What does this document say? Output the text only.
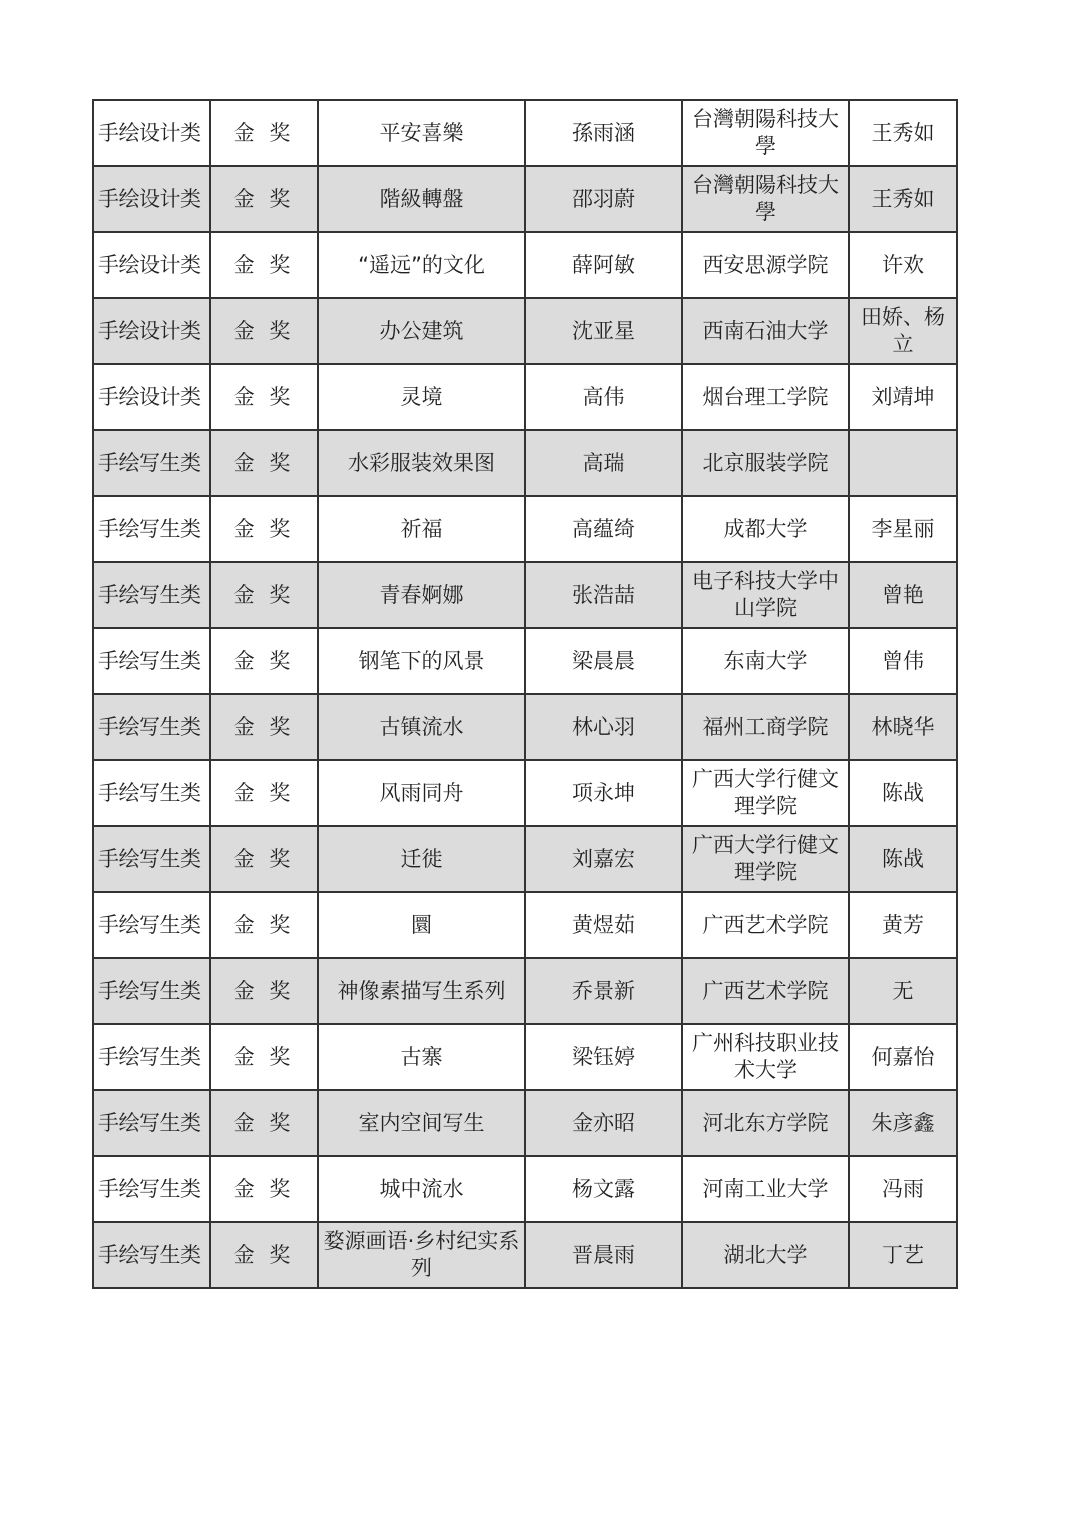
手绘设计类	金 奖	平安喜樂	孫雨涵	台灣朝陽科技大學	王秀如
手绘设计类	金 奖	階級轉盤	邵羽蔚	台灣朝陽科技大學	王秀如
手绘设计类	金 奖	“遥远”的文化	薛阿敏	西安思源学院	许欢
手绘设计类	金 奖	办公建筑	沈亚星	西南石油大学	田娇、杨立
手绘设计类	金 奖	灵境	高伟	烟台理工学院	刘靖坤
手绘写生类	金 奖	水彩服装效果图	高瑞	北京服装学院	
手绘写生类	金 奖	祈福	高蕴绮	成都大学	李星丽
手绘写生类	金 奖	青春婀娜	张浩喆	电子科技大学中山学院	曾艳
手绘写生类	金 奖	钢笔下的风景	梁晨晨	东南大学	曾伟
手绘写生类	金 奖	古镇流水	林心羽	福州工商学院	林晓华
手绘写生类	金 奖	风雨同舟	项永坤	广西大学行健文理学院	陈战
手绘写生类	金 奖	迁徙	刘嘉宏	广西大学行健文理学院	陈战
手绘写生类	金 奖	圜	黄煜茹	广西艺术学院	黄芳
手绘写生类	金 奖	神像素描写生系列	乔景新	广西艺术学院	无
手绘写生类	金 奖	古寨	梁钰婷	广州科技职业技术大学	何嘉怡
手绘写生类	金 奖	室内空间写生	金亦昭	河北东方学院	朱彦鑫
手绘写生类	金 奖	城中流水	杨文露	河南工业大学	冯雨
手绘写生类	金 奖	婺源画语·乡村纪实系列	晋晨雨	湖北大学	丁艺
